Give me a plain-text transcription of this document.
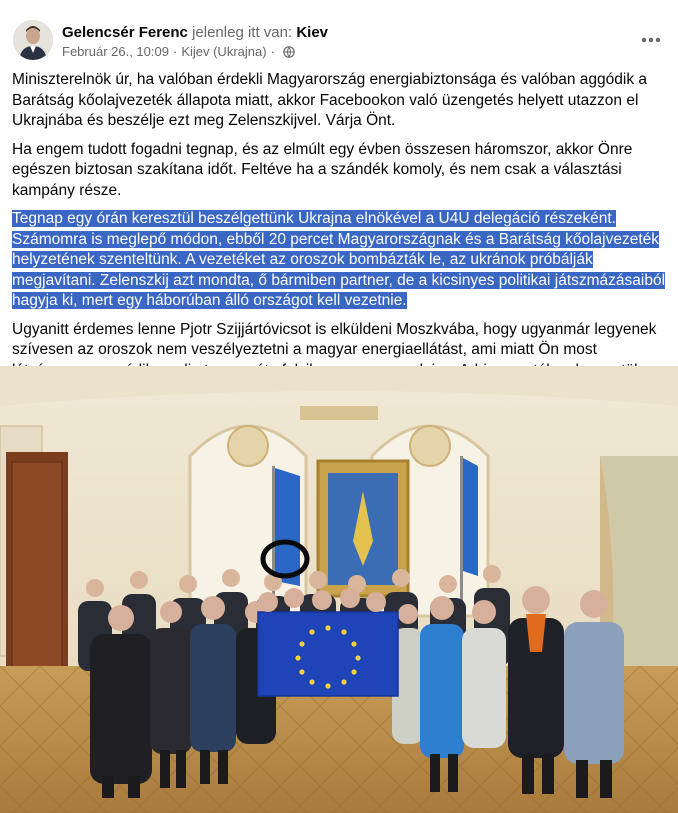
Gelencsér Ferenc jelenleg itt van: Kiev
Február 26., 10:09 · Kijev (Ukrajna) ·

Miniszterelnök úr, ha valóban érdekli Magyarország energiabiztonsága és valóban aggódik a Barátság kőolajvezeték állapota miatt, akkor Facebookon való üzengetés helyett utazzon el Ukrajnába és beszélje ezt meg Zelenszkijvel. Várja Önt.

Ha engem tudott fogadni tegnap, és az elmúlt egy évben összesen háromszor, akkor Önre egészen biztosan szakítana időt. Feltéve ha a szándék komoly, és nem csak a választási kampány része.

Tegnap egy órán keresztül beszélgettünk Ukrajna elnökével a U4U delegáció részeként. Számomra is meglepő módon, ebből 20 percet Magyarországnak és a Barátság kőolajvezeték helyzetének szenteltünk. A vezetéket az oroszok bombázták le, az ukránok próbálják megjavítani. Zelenszkij azt mondta, ő bármiben partner, de a kicsinyes politikai játszmázásaiból hagyja ki, mert egy háborúban álló országot kell vezetnie.

Ugyanitt érdemes lenne Pjotr Szijjártóvicsot is elküldeni Moszkvába, hogy ugyanmár legyenek szívesen az oroszok nem veszélyeztetni a magyar energiaellátást, ami miatt Ön most
